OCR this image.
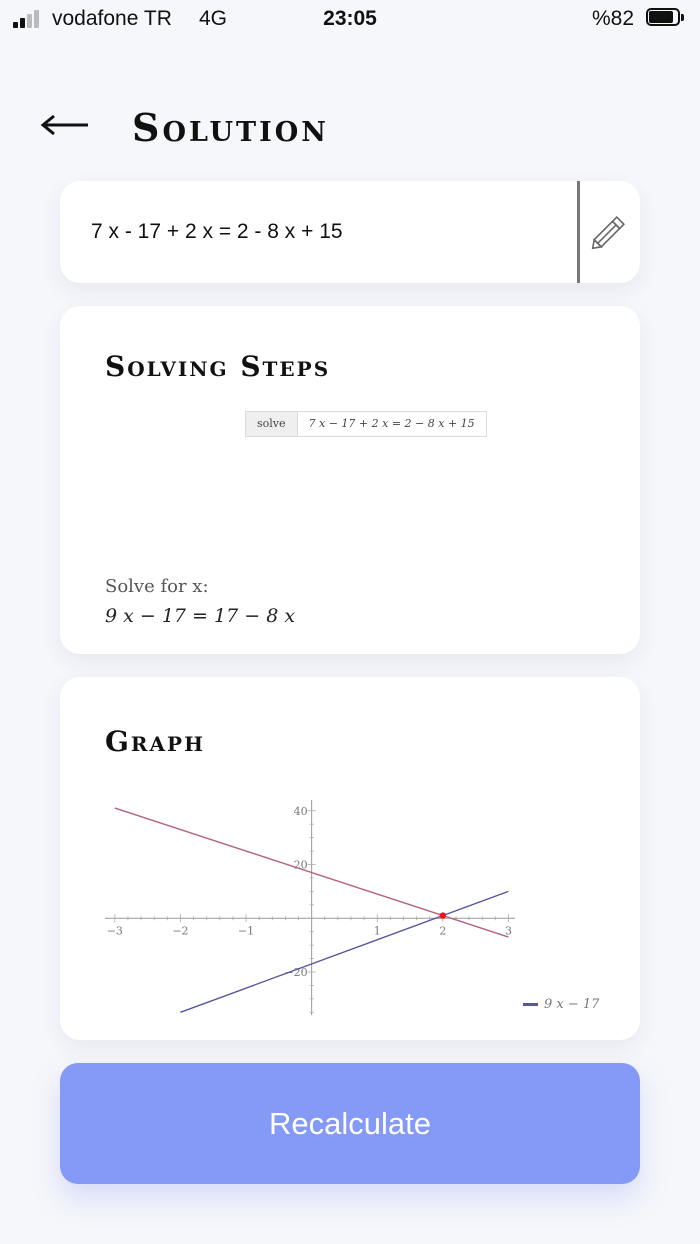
vodafone TR 4G	23:05	%82
Solution
7 x - 17 + 2 x = 2 - 8 x + 15
Solving Steps
solve	7 x − 17 + 2 x = 2 − 8 x + 15
Solve for x:
9 x − 17 = 17 − 8 x
Graph
−3	−2	−1	1	2	3
40
20
−20
9 x − 17
Recalculate
